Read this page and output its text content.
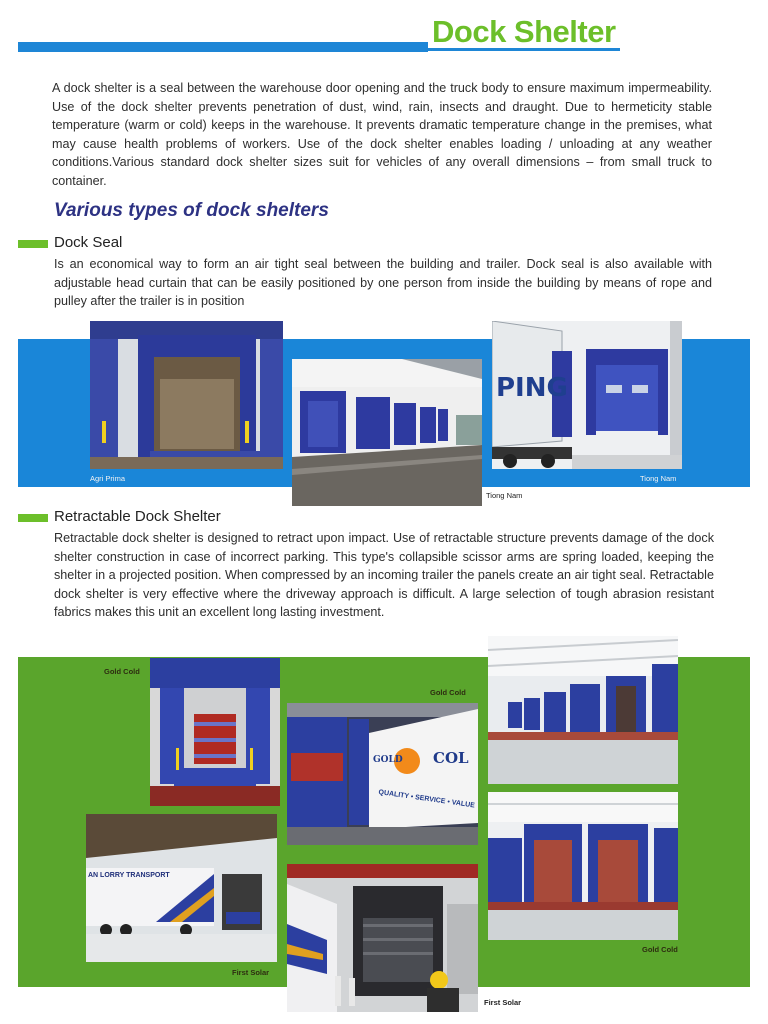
Dock Shelter
A dock shelter is a seal between the warehouse door opening and the truck body to ensure maximum impermeability. Use of the dock shelter prevents penetration of dust, wind, rain, insects and draught. Due to hermeticity stable temperature (warm or cold) keeps in the warehouse. It prevents dramatic temperature change in the premises, what may cause health problems of workers. Use of the dock shelter enables loading / unloading at any weather conditions.Various standard dock shelter sizes suit for vehicles of any overall dimensions – from small truck to container.
Various types of dock shelters
Dock Seal
Is an economical way to form an air tight seal between the building and trailer. Dock seal is also available with adjustable head curtain that can be easily positioned by one person from inside the building by means of rope and pulley after the trailer is in position
Agri Prima
Tiong Nam
PING
Tiong Nam
Retractable Dock Shelter
Retractable dock shelter is designed to retract upon impact. Use of retractable structure prevents damage of the dock shelter construction in case of incorrect parking. This type's collapsible scissor arms are spring loaded, keeping the shelter in a projected position. When compressed by an incoming trailer the panels create an air tight seal. Retractable dock shelter is very effective where the driveway approach is difficult. A large selection of tough abrasion resistant fabrics makes this unit an excellent long lasting investment.
Gold Cold
GOLD COL
QUALITY • SERVICE • VALUE
Gold Cold
AN LORRY TRANSPORT
First Solar
First Solar
Gold Cold
